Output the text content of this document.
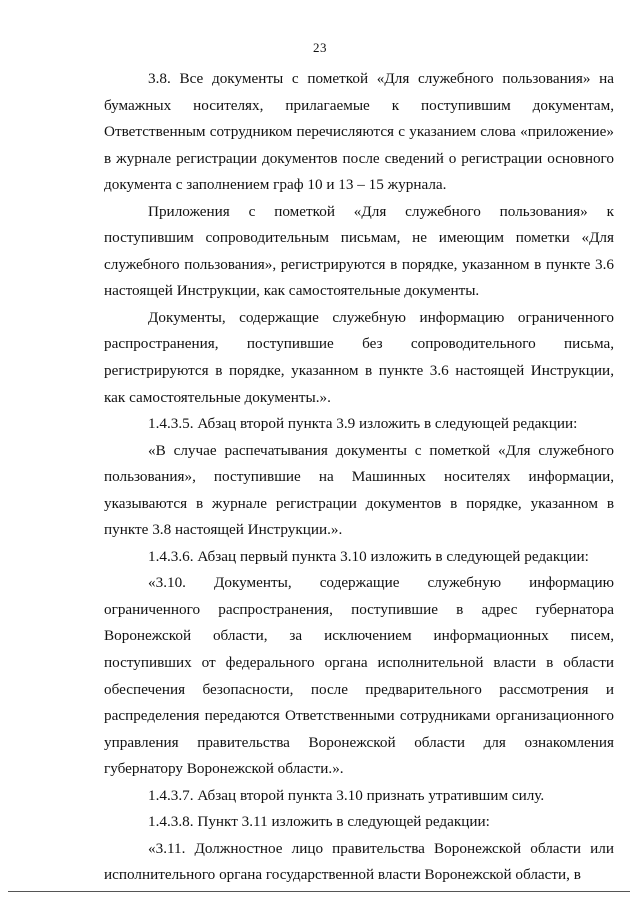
23

3.8. Все документы с пометкой «Для служебного пользования» на бумажных носителях, прилагаемые к поступившим документам, Ответственным сотрудником перечисляются с указанием слова «приложение» в журнале регистрации документов после сведений о регистрации основного документа с заполнением граф 10 и 13 – 15 журнала.

Приложения с пометкой «Для служебного пользования» к поступившим сопроводительным письмам, не имеющим пометки «Для служебного пользования», регистрируются в порядке, указанном в пункте 3.6 настоящей Инструкции, как самостоятельные документы.

Документы, содержащие служебную информацию ограниченного распространения, поступившие без сопроводительного письма, регистрируются в порядке, указанном в пункте 3.6 настоящей Инструкции, как самостоятельные документы.».

1.4.3.5. Абзац второй пункта 3.9 изложить в следующей редакции:

«В случае распечатывания документы с пометкой «Для служебного пользования», поступившие на Машинных носителях информации, указываются в журнале регистрации документов в порядке, указанном в пункте 3.8 настоящей Инструкции.».

1.4.3.6. Абзац первый пункта 3.10 изложить в следующей редакции:

«3.10. Документы, содержащие служебную информацию ограниченного распространения, поступившие в адрес губернатора Воронежской области, за исключением информационных писем, поступивших от федерального органа исполнительной власти в области обеспечения безопасности, после предварительного рассмотрения и распределения передаются Ответственными сотрудниками организационного управления правительства Воронежской области для ознакомления губернатору Воронежской области.».

1.4.3.7. Абзац второй пункта 3.10 признать утратившим силу.

1.4.3.8. Пункт 3.11 изложить в следующей редакции:

«3.11. Должностное лицо правительства Воронежской области или исполнительного органа государственной власти Воронежской области, в
